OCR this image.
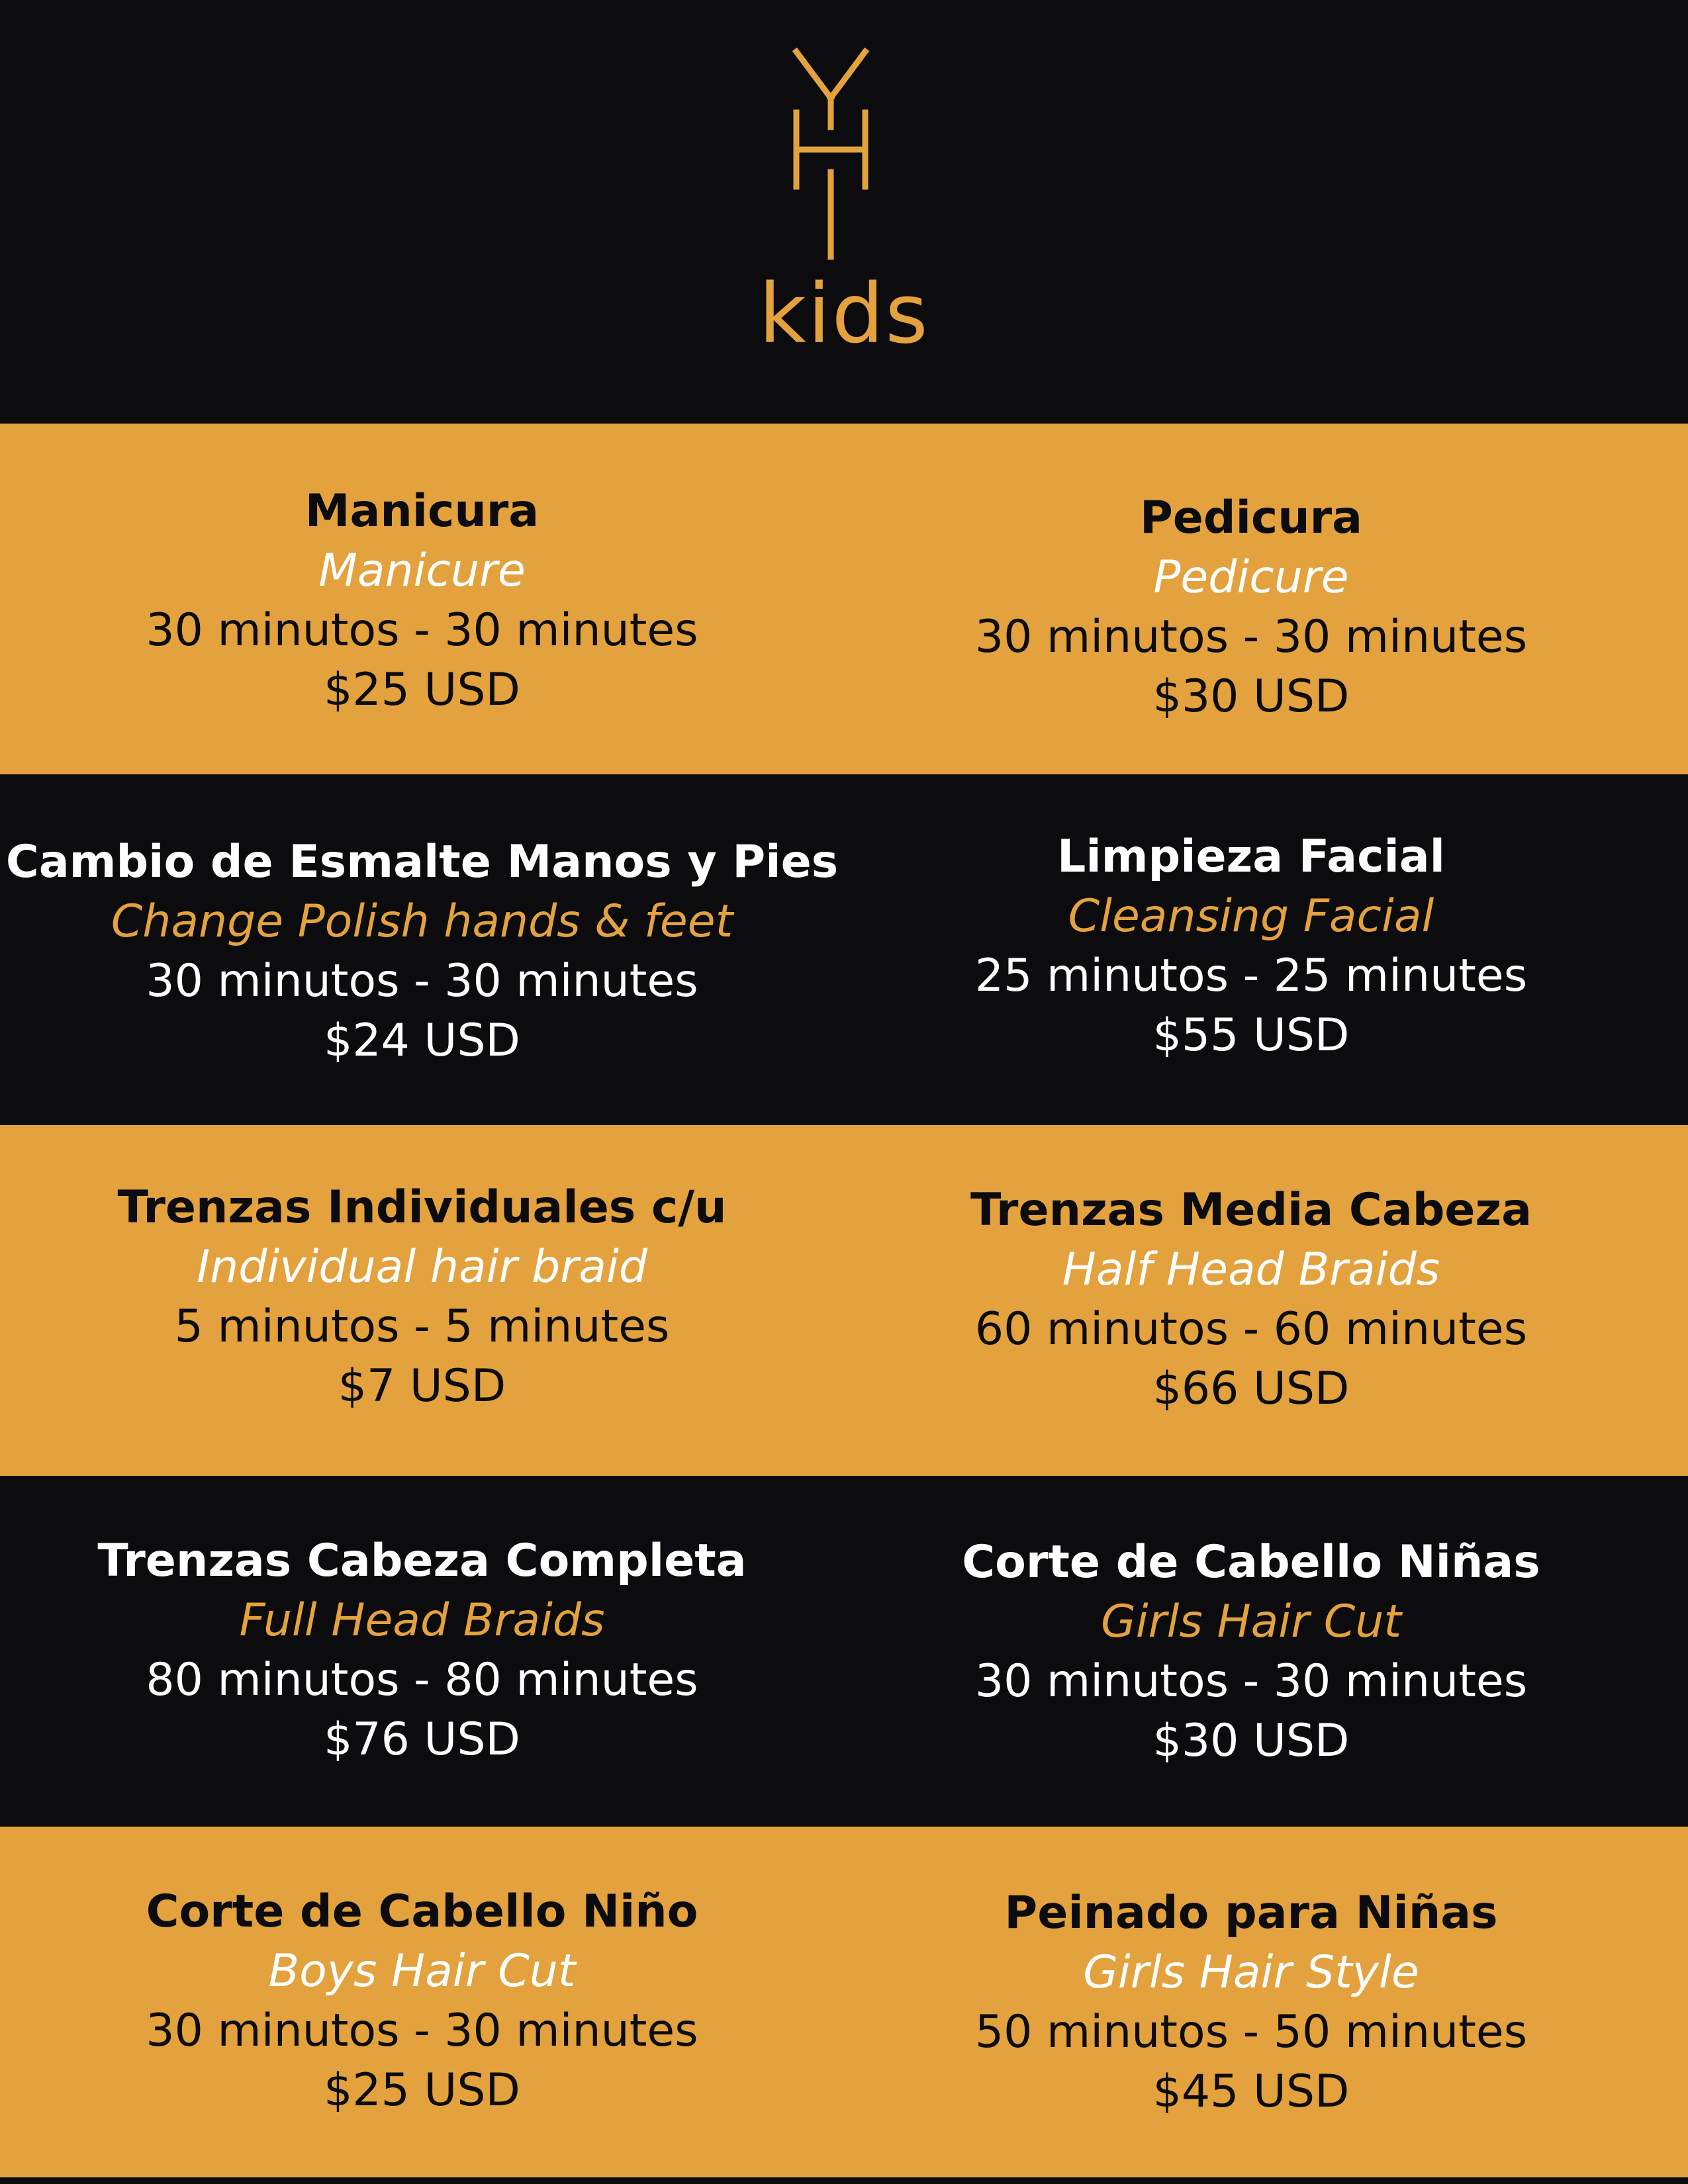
kids
Manicura
Manicure
30 minutos - 30 minutes
$25 USD
Pedicura
Pedicure
30 minutos - 30 minutes
$30 USD
Cambio de Esmalte Manos y Pies
Change Polish hands & feet
30 minutos - 30 minutes
$24 USD
Limpieza Facial
Cleansing Facial
25 minutos - 25 minutes
$55 USD
Trenzas Individuales c/u
Individual hair braid
5 minutos - 5 minutes
$7 USD
Trenzas Media Cabeza
Half Head Braids
60 minutos - 60 minutes
$66 USD
Trenzas Cabeza Completa
Full Head Braids
80 minutos - 80 minutes
$76 USD
Corte de Cabello Niñas
Girls Hair Cut
30 minutos - 30 minutes
$30 USD
Corte de Cabello Niño
Boys Hair Cut
30 minutos - 30 minutes
$25 USD
Peinado para Niñas
Girls Hair Style
50 minutos - 50 minutes
$45 USD
